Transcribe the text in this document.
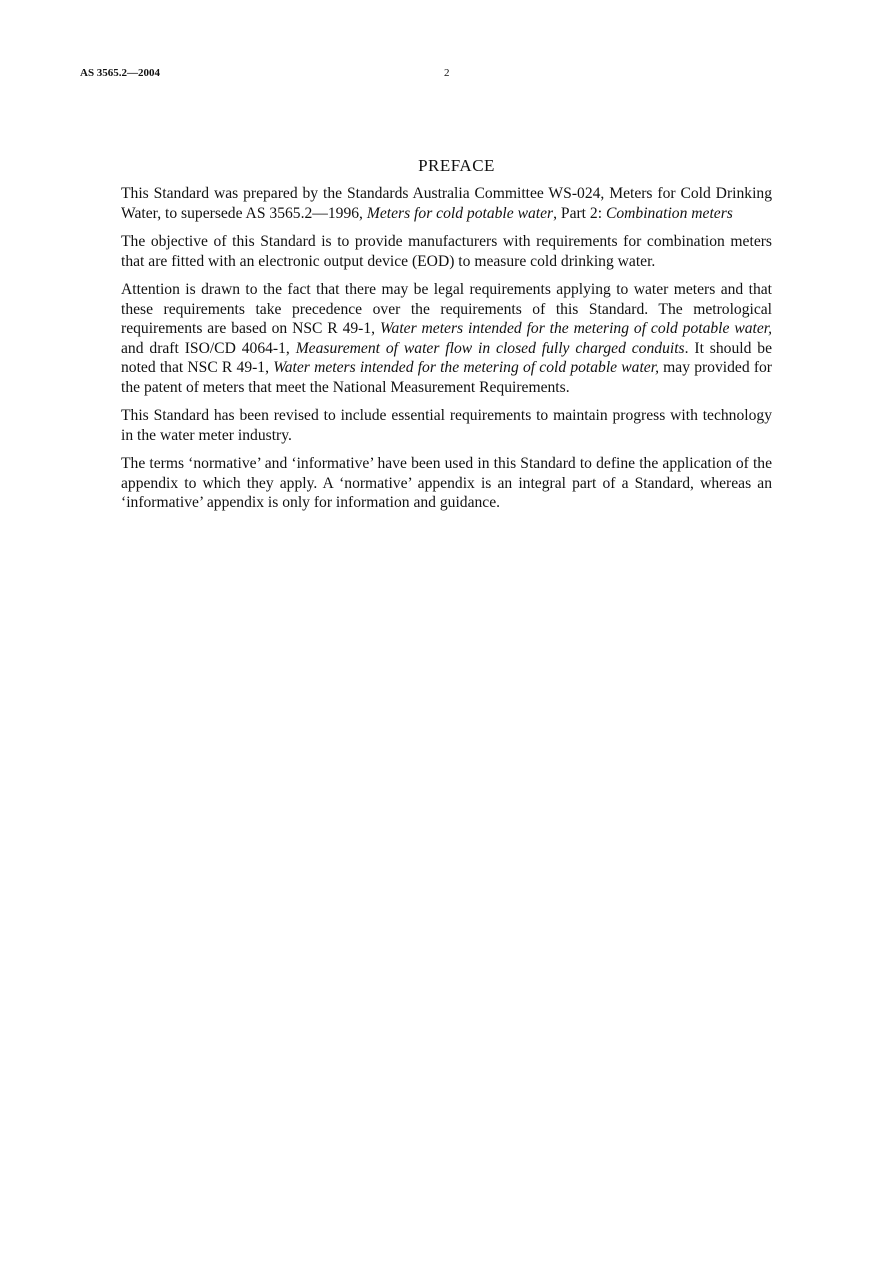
AS 3565.2—2004	2
PREFACE

This Standard was prepared by the Standards Australia Committee WS-024, Meters for Cold Drinking Water, to supersede AS 3565.2—1996, Meters for cold potable water, Part 2: Combination meters

The objective of this Standard is to provide manufacturers with requirements for combination meters that are fitted with an electronic output device (EOD) to measure cold drinking water.

Attention is drawn to the fact that there may be legal requirements applying to water meters and that these requirements take precedence over the requirements of this Standard. The metrological requirements are based on NSC R 49-1, Water meters intended for the metering of cold potable water, and draft ISO/CD 4064-1, Measurement of water flow in closed fully charged conduits. It should be noted that NSC R 49-1, Water meters intended for the metering of cold potable water, may provided for the patent of meters that meet the National Measurement Requirements.

This Standard has been revised to include essential requirements to maintain progress with technology in the water meter industry.

The terms ‘normative’ and ‘informative’ have been used in this Standard to define the application of the appendix to which they apply. A ‘normative’ appendix is an integral part of a Standard, whereas an ‘informative’ appendix is only for information and guidance.
